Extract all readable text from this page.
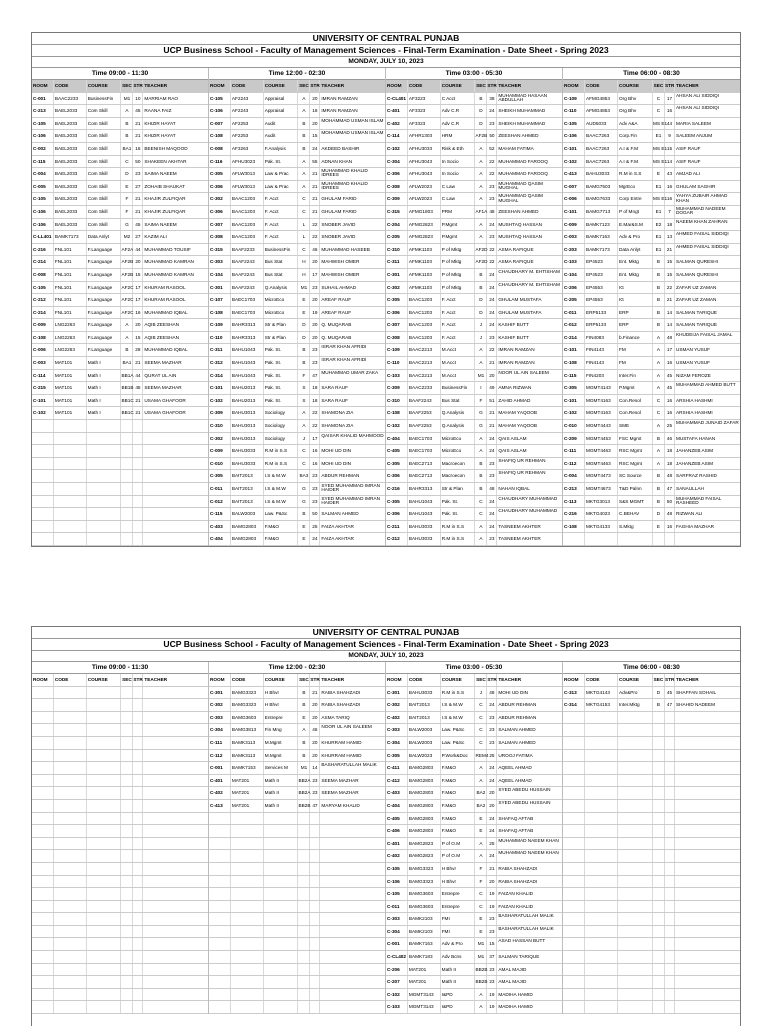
UNIVERSITY OF CENTRAL PUNJAB
UCP Business School - Faculty of Management Sciences - Final-Term Examination - Date Sheet - Spring 2023
MONDAY, JULY 10, 2023
Time 09:00 - 11:30
ROOM	CODE	COURSE	SEC STR TEACHER
C-001	BAAC2233	BusinessFin	M1	10 MARRIAM RAO
C-213	BAEL2033	Com Skill	A	45 RAANA FAIZ
C-105	BAEL2033	Com Skill	B	21 KHIZIR HAYAT
C-106	BAEL2033	Com Skill	B	21 KHIZIR HAYAT
C-002	BAEL2033	Com Skill	BA1 16 BEENISH MAQOOD
C-115	BAEL2033	Com Skill	C	50 SHAKEEN AKHTAR
C-004	BAEL2033	Com Skill	D	23 SAIMA NAEEM
C-005	BAEL2033	Com Skill	E	27 ZOHAIB SHAUKAT
C-105	BAEL2033	Com Skill	F	21 KHAJIR ZULFIQAR
C-106	BAEL2033	Com Skill	F	21 KHAJIR ZULFIQAR
C-106	BAEL2033	Com Skill	G	45 SAIMA NAEEM
C-LL401 BAMK7173	Data Anlyt	M2	27 KAZIM ALI
C-216	FNL101	F.Language	AF2A 44 MUHAMMAD TOUSIF
C-214	FNL101	F.Language	AF2B 20 MUHAMMAD KAMRAN
C-008	FNL101	F.Language	AF2B 15 MUHAMMAD KAMRAN
C-105	FNL101	F.Language	AF2C 17 KHURAM RASOOL
C-212	FNL101	F.Language	AF2C 17 KHURAM RASOOL
C-214	FNL101	F.Language	AF2C 16 MUHAMMAD IQBAL
C-009	LNG2263	F.Language	A	20 AQIB ZEESHAN
C-108	LNG2263	F.Language	A	15 AQIB ZEESHAN
C-006	LNG2263	F.Language	B	28 MUHAMMAD IQBAL
C-003	MAT101	Math I	BA1 21 SEEMA MAZHAR
C-114	MAT101	Math I	BB1A 44 QURAT UL AIN
C-215	MAT101	Math I	BB1B 45 SEEMA MAZHAR
C-101	MAT101	Math I	BB1C 21 USAMA GHAFOOR
C-102	MAT101	Math I	BB1C 21 USAMA GHAFOOR
Time 12:00 - 02:30
ROOM	CODE	COURSE	SEC STR TEACHER
C-105	AF2243	Appraisal	A	20 IMRAN RAMZAN
C-106	AF2243	Appraisal	A	18 IMRAN RAMZAN
C-007	AF2253	Audit	B	20
MOHAMMAD USMAN ISLAM
C-108	AF2253	Audit	B	15
MOHAMMAD USMAN ISLAM
C-008	AF3263	F.Analysis	B	24 AKDEED BASHIR
C-116	AFHU3023	Pak. St.	A	55 ADNAN KHAN
C-305	AFLW3013	Law & Prac	A	21
MUHAMMAD KHALID IDREES
C-306	AFLW3013	Law & Prac	A	21
MUHAMMAD KHALID IDREES
C-302	BAAC1203	F. Acct	C	21 GHULAM FARID
C-306	BAAC1203	F. Acct	C	21 GHULAM FARID
C-307	BAAC1203	F. Acct	L	22 SNOBER JAVID
C-308	BAAC1203	F. Acct	L	22 SNOBER JAVID
C-315	BAAF2233	BusinessFin	C	46 MUHAMMAD HASEEB
C-303	BAAF2243	Bus Stat	H	20 MAHWISH OMER
C-104	BAAF2243	Bus Stat	H	17 MAHWISH OMER
C-301	BAAF2243	Q.Analysis	M1	23 SUHAIL AHMAD
C-107	BAEC1703	MicroEco	E	20 AREAF RAUF
C-108	BAEC1703	MicroEco	E	19 AREAF RAUF
C-109	BAHR3313	Str & Plan	D	20 Q. MUQARAB
C-110	BAHR3313	Str & Plan	D	20 Q. MUQARAB
C-311	BAHU1043	Pak. St.	B	23
ISRAR KHAN AFRIDI
C-312	BAHU1043	Pak. St.	B	23
ISRAR KHAN AFRIDI
C-314	BAHU1043	Pak. St.	F	47
MUHAMMAD UMAR ZAKA
C-101	BAHU2013	Pak. St.	S	18 SARA RAUF
C-102	BAHU2013	Pak. St.	S	18 SARA RAUF
C-309	BAHU3013	Sociology	A	22 SHAMONA ZIA
C-310	BAHU3013	Sociology	A	22 SHAMONA ZIA
C-302	BAHU3013	Sociology	J	17
QAISAR KHALID MAHMOOD
C-009	BAHU3033	R.M in S.S	C	16 MOHI UD DIN
C-010	BAHU3033	R.M in S.S	C	16 MOHI UD DIN
C-305	BAIT2013	I.S & M.W	BA3 23 ABDUR REHMAN
C-011	BAIT2013	I.S & M.W	G	23
SYED MUHAMMAD IMRAN HAIDER
C-012	BAIT2013	I.S & M.W	G	23
SYED MUHAMMAD IMRAN HAIDER
C-115	BALW2003	Law. P&Sc	B	50 SALMAN AHMED
C-403	BAMG2803	F.M&O	E	25 FAIZA AKHTAR
C-404	BAMG2803	F.M&O	E	24 FAIZA AKHTAR
Time 03:00 - 05:30
ROOM	CODE	COURSE	SEC STR TEACHER
C-CL401 AF3223	C Acct	B	38
MUHAMMAD HASAAN ABDULLAH
C-401	AF3323	Adv C.R	D	24 SHEIKH MUHAMMAD
C-402	AF3323	Adv C.R	D	23 SHEIKH MUHAMMAD
C-114	AFHR1303	HRM	AF2B 50 ZEESHAN AHMED
C-102	AFHU3033	Risk & Eth	A	52 MAHAM FATIMA
C-304	AFHU3043	In Socio	A	22 MUHAMMAD FAROOQ
C-306	AFHU3043	In Socio	A	22 MUHAMMAD FAROOQ
C-308	AFLW2023	C Law	A	23
MUHAMMAD QASIM MUGHAL
C-309	AFLW2023	C Law	A	23
MUHAMMAD QASIM MUGHAL
C-315	AFMG1803	PRM	AF1A 48 ZEESHAN AHMED
C-204	AFMG2823	P.Mgmt	A	24 MUSHTAQ HASSAN
C-205	AFMG2823	P.Mgmt	A	23 MUSHTAQ HASSAN
C-310	AFMK1103	P of Mktg	AF2D 22 ASMA RAFIQUE
C-311	AFMK1103	P of Mktg	AF2D 22 ASMA RAFIQUE
C-301	AFMK1103	P of Mktg	B	24
CHAUDHARY M. EHTISHAM
C-302	AFMK1103	P of Mktg	B	24
CHAUDHARY M. EHTISHAM
C-305	BAAC1203	F. Acct	D	24 GHULAM MUSTAFA
C-306	BAAC1203	F. Acct	D	24 GHULAM MUSTAFA
C-307	BAAC1203	F. Acct	J	24 KASHIF BUTT
C-308	BAAC1203	F. Acct	J	23 KASHIF BUTT
C-109	BAAC2213	M.Acct	A	22 IMRAN RAMZAN
C-110	BAAC2213	M.Acct	A	21 IMRAN RAMZAN
C-103	BAAC2213	M.Acct	M1	20
NOOR UL AIN SALEEM
C-309	BAAC2233	BusinessFin	I	49 AMNA RIZWAN
C-310	BAAF2243	Bus Stat	F	51 ZAHID AHMAD
C-108	BAAF2253	Q.Analysis	G	21 MAHAM YAQOOB
C-102	BAAF2253	Q.Analysis	G	21 MAHAM YAQOOB
C-404	BAEC1703	MicroEco	A	24 QAIS ASLAM
C-405	BAEC1703	MicroEco	A	24 QAIS ASLAM
C-305	BAEC2713	Macroecon	B	23
SHAFIQ UR REHMAN
C-306	BAEC2713	Macroecon	B	23
SHAFIQ UR REHMAN
C-216	BAHR3313	Str & Plan	B	48 NAHAN IQBAL
C-305	BAHU1043	Pak. St.	C	24
CHAUDHARY MUHAMMAD
C-306	BAHU1043	Pak. St.	C	24
CHAUDHARY MUHAMMAD
C-211	BAHU3033	R.M in S.S	A	24 TASNEEM AKHTER
C-212	BAHU3033	R.M in S.S	A	23 TASNEEM AKHTER
Time 06:00 - 08:30
ROOM	CODE	COURSE	SEC STR TEACHER
C-109	AFMG4853	Org Bhv	C	17
AHSAN ALI SIDDIQI
C-110	AFMG4853	Org Bhv	C	16
AHSAN ALI SIDDIQI
C-105	AUD5033	Adv A&A	MS E1 44 MARIA SALEEM
C-106	BAAC7263	Corp.Fin	E1	9	SALEEM ANJUM
C-101	BAAC7263	A.I & F.M	MS E1 15 ASIF RAUF
C-102	BAAC7263	A.I & F.M	MS E1 14 ASIF RAUF
C-413	BAHU3033	R.M in S.S	E	43 AMJAD ALI
C-007	BAMG7503	MgrEco	E1	16 GHULAM SAGHIR
C-006	BAMG7633	Corp Entre	MS E1 16
YAHYA ZUBAIR AHMAD KHAN
C-101	BAMG7713	P of Mngt	E1	7
MUHAMMAD NADEEM DOGAR
C-009	BAMK7123	E.Mar&S.M	E2	18
NAEEM KHAN ZAHRAN
C-003	BAMK7163	Adv & Pro	E1	13
AHMED FAISAL SIDDIQI
C-203	BAMK7173	Data Anlyt	E1	21
AHMED FAISAL SIDDIQI
C-103	EP4523	Ent. Mktg	B	15 SALMAN QURESHI
C-104	EP4523	Ent. Mktg	B	15 SALMAN QURESHI
C-206	EP4553	IG	B	22 ZAFAR UZ ZAMAN
C-205	EP4553	IG	B	21 ZAFAR UZ ZAMAN
C-011	ERP5133	ERP	B	14 SALMAN TARIQUE
C-012	ERP5133	ERP	B	14 SALMAN TARIQUE
C-214	FIN4083	b.Finance	A	48
KHUDEIJA FAISAL JAMAL
C-101	FIN4143	FM	A	17 USMAN YUSUF
C-108	FIN4143	FM	A	16 USMAN YUSUF
C-115	FIN4203	Inter.Fin	A	45 NIZAM FEROZE
C-305	MGMT4143	P.Mgmt	A	45
MUHAMMAD AHMED BUTT
C-101	MGMT4163	Con.Resol	C	16 ARSHIA HASHMI
C-102	MGMT4163	Con.Resol	C	16 ARSHIA HASHMI
C-010	MGMT4443	SME	A	25
MUHAMMAD JUNAID ZAFAR
C-209	MGMT4453	FSC Mgmt	B	46 MUSTAFA HANAN
C-111	MGMT4463	RSC Mgmt	A	18 JAHANZEB ASIM
C-112	MGMT4463	RSC Mgmt	A	18 JAHANZEB ASIM
C-004	MGMT4473	SC Source	B	48 SARFRAZ RASHID
C-213	MGMT4673	T&D Palnn	B	47 SANAULLAH
C-113	MKTG3013	S&S MGMT	B	50
MUHAMMAD FAISAL RASHEED
C-216	MKTG4023	C.BEHAV	D	48 RIZWAN ALI
C-108	MKTG4133	S.Mktg	E	16 FAGHIA MAZHAR
UNIVERSITY OF CENTRAL PUNJAB
UCP Business School - Faculty of Management Sciences - Final-Term Examination - Date Sheet - Spring 2023
MONDAY, JULY 10, 2023
Time 09:00 - 11:30
ROOM	CODE	COURSE	SEC STR TEACHER
Time 12:00 - 02:30
ROOM	CODE	COURSE	SEC STR TEACHER
C-301	BAMG3323	H Bhvr	B	21 RABIA SHAHZADI
C-302	BAMG3323	H Bhvr	B	20 RABIA SHAHZADI
C-303	BAMG3603	Entrepre	E	20 ASMA TARIQ
C-304	BAMG3813	Fin Mng	A	46
NOOR UL AIN SALEEM
C-111	BAMK3113	M.Mgmt	B	20 KHURRAM HAMID
C-112	BAMK3113	M.Mgmt	B	20 KHURRAM HAMID
C-001	BAMK7153	Services M	M1	14
BASHARATULLAH MALIK
C-401	MAT201	Math II	BB2A 23 SEEMA MAZHAR
C-402	MAT201	Math II	BB2A 23 SEEMA MAZHAR
C-413	MAT201	Math II	BB2B 47 MARYAM KHALID
Time 03:00 - 05:30
ROOM	CODE	COURSE	SEC STR TEACHER
C-301	BAHU3033	R.M in S.S	J	48 MOHI UD DIN
C-302	BAIT2013	I.S & M.W	C	24 ABDUR REHMAN
C-402	BAIT2013	I.S & M.W	C	23 ABDUR REHMAN
C-303	BALW2003	Law. P&Sc	C	23 SALMAN AHMED
C-304	BALW2003	Law. P&Sc	C	23 SALMAN AHMED
C-305	BALW2023	P.Work&Doc	REM4 25 UROOJ FATIMA
C-411	BAMG2803	F.M&O	A	24 AQEEL AHMAD
C-412	BAMG2803	F.M&O	A	24 AQEEL AHMAD
C-403	BAMG2803	F.M&O	BA2 20
SYED ABEDU HUSSAIN
C-404	BAMG2803	F.M&O	BA2 20
SYED ABEDU HUSSAIN
C-405	BAMG2803	F.M&O	E	24 SHAFAQ AFTAB
C-406	BAMG2803	F.M&O	E	24 SHAFAQ AFTAB
C-401	BAMG2823	P of O.M	A	25
MUHAMMAD NAEEM KHAN
C-402	BAMG2823	P of O.M	A	24
MUHAMMAD NAEEM KHAN
C-105	BAMG3323	H Bhvr	F	21 RABIA SHAHZADI
C-106	BAMG3323	H Bhvr	F	20 RABIA SHAHZADI
C-105	BAMG3603	Entrepre	C	19 FAIZAN KHALID
C-011	BAMG3603	Entrepre	C	19 FAIZAN KHALID
C-303	BAMK2103	FMI	E	23
BASHARATULLAH MALIK
C-304	BAMK2103	FMI	E	23
BASHARATULLAH MALIK
C-001	BAMK7163	Adv & Pro	M1	15
ASAD HASSAN BUTT
C-CL402 BAMK7183	Adv Bcns	M1	37 SALMAN TARIQUE
C-206	MAT201	Math II	BB2B 23 AMAL MAJID
C-207	MAT201	Math II	BB2B 23 AMAL MAJID
C-102	MGMT3143	I&PD	A	19 MADIHA HAMID
C-103	MGMT3143	I&PD	A	19 MADIHA HAMID
Time 06:00 - 08:30
ROOM	CODE	COURSE	SEC STR TEACHER
C-313	MKTG4143	Adv&Pro	D	45 SHAFFAN SOHAIL
C-314	MKTG4153	Inter.Mktg	B	47 SHAHID NADEEM
